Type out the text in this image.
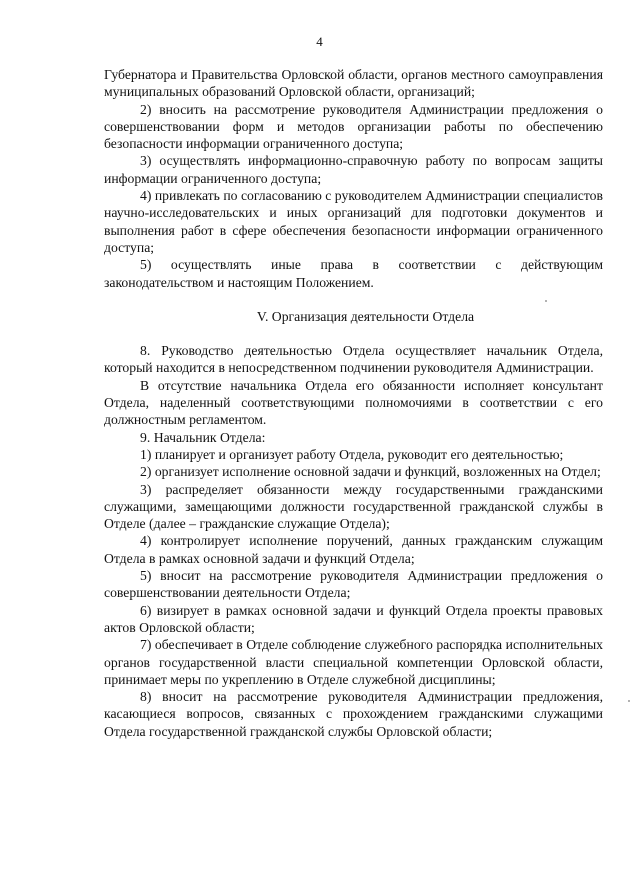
4

Губернатора и Правительства Орловской области, органов местного самоуправления муниципальных образований Орловской области, организаций;

2) вносить на рассмотрение руководителя Администрации предложения о совершенствовании форм и методов организации работы по обеспечению безопасности информации ограниченного доступа;

3) осуществлять информационно-справочную работу по вопросам защиты информации ограниченного доступа;

4) привлекать по согласованию с руководителем Администрации специалистов научно-исследовательских и иных организаций для подготовки документов и выполнения работ в сфере обеспечения безопасности информации ограниченного доступа;

5) осуществлять иные права в соответствии с действующим законодательством и настоящим Положением.

V. Организация деятельности Отдела

8. Руководство деятельностью Отдела осуществляет начальник Отдела, который находится в непосредственном подчинении руководителя Администрации.

В отсутствие начальника Отдела его обязанности исполняет консультант Отдела, наделенный соответствующими полномочиями в соответствии с его должностным регламентом.

9. Начальник Отдела:

1) планирует и организует работу Отдела, руководит его деятельностью;

2) организует исполнение основной задачи и функций, возложенных на Отдел;

3) распределяет обязанности между государственными гражданскими служащими, замещающими должности государственной гражданской службы в Отделе (далее – гражданские служащие Отдела);

4) контролирует исполнение поручений, данных гражданским служащим Отдела в рамках основной задачи и функций Отдела;

5) вносит на рассмотрение руководителя Администрации предложения о совершенствовании деятельности Отдела;

6) визирует в рамках основной задачи и функций Отдела проекты правовых актов Орловской области;

7) обеспечивает в Отделе соблюдение служебного распорядка исполнительных органов государственной власти специальной компетенции Орловской области, принимает меры по укреплению в Отделе служебной дисциплины;

8) вносит на рассмотрение руководителя Администрации предложения, касающиеся вопросов, связанных с прохождением гражданскими служащими Отдела государственной гражданской службы Орловской области;
